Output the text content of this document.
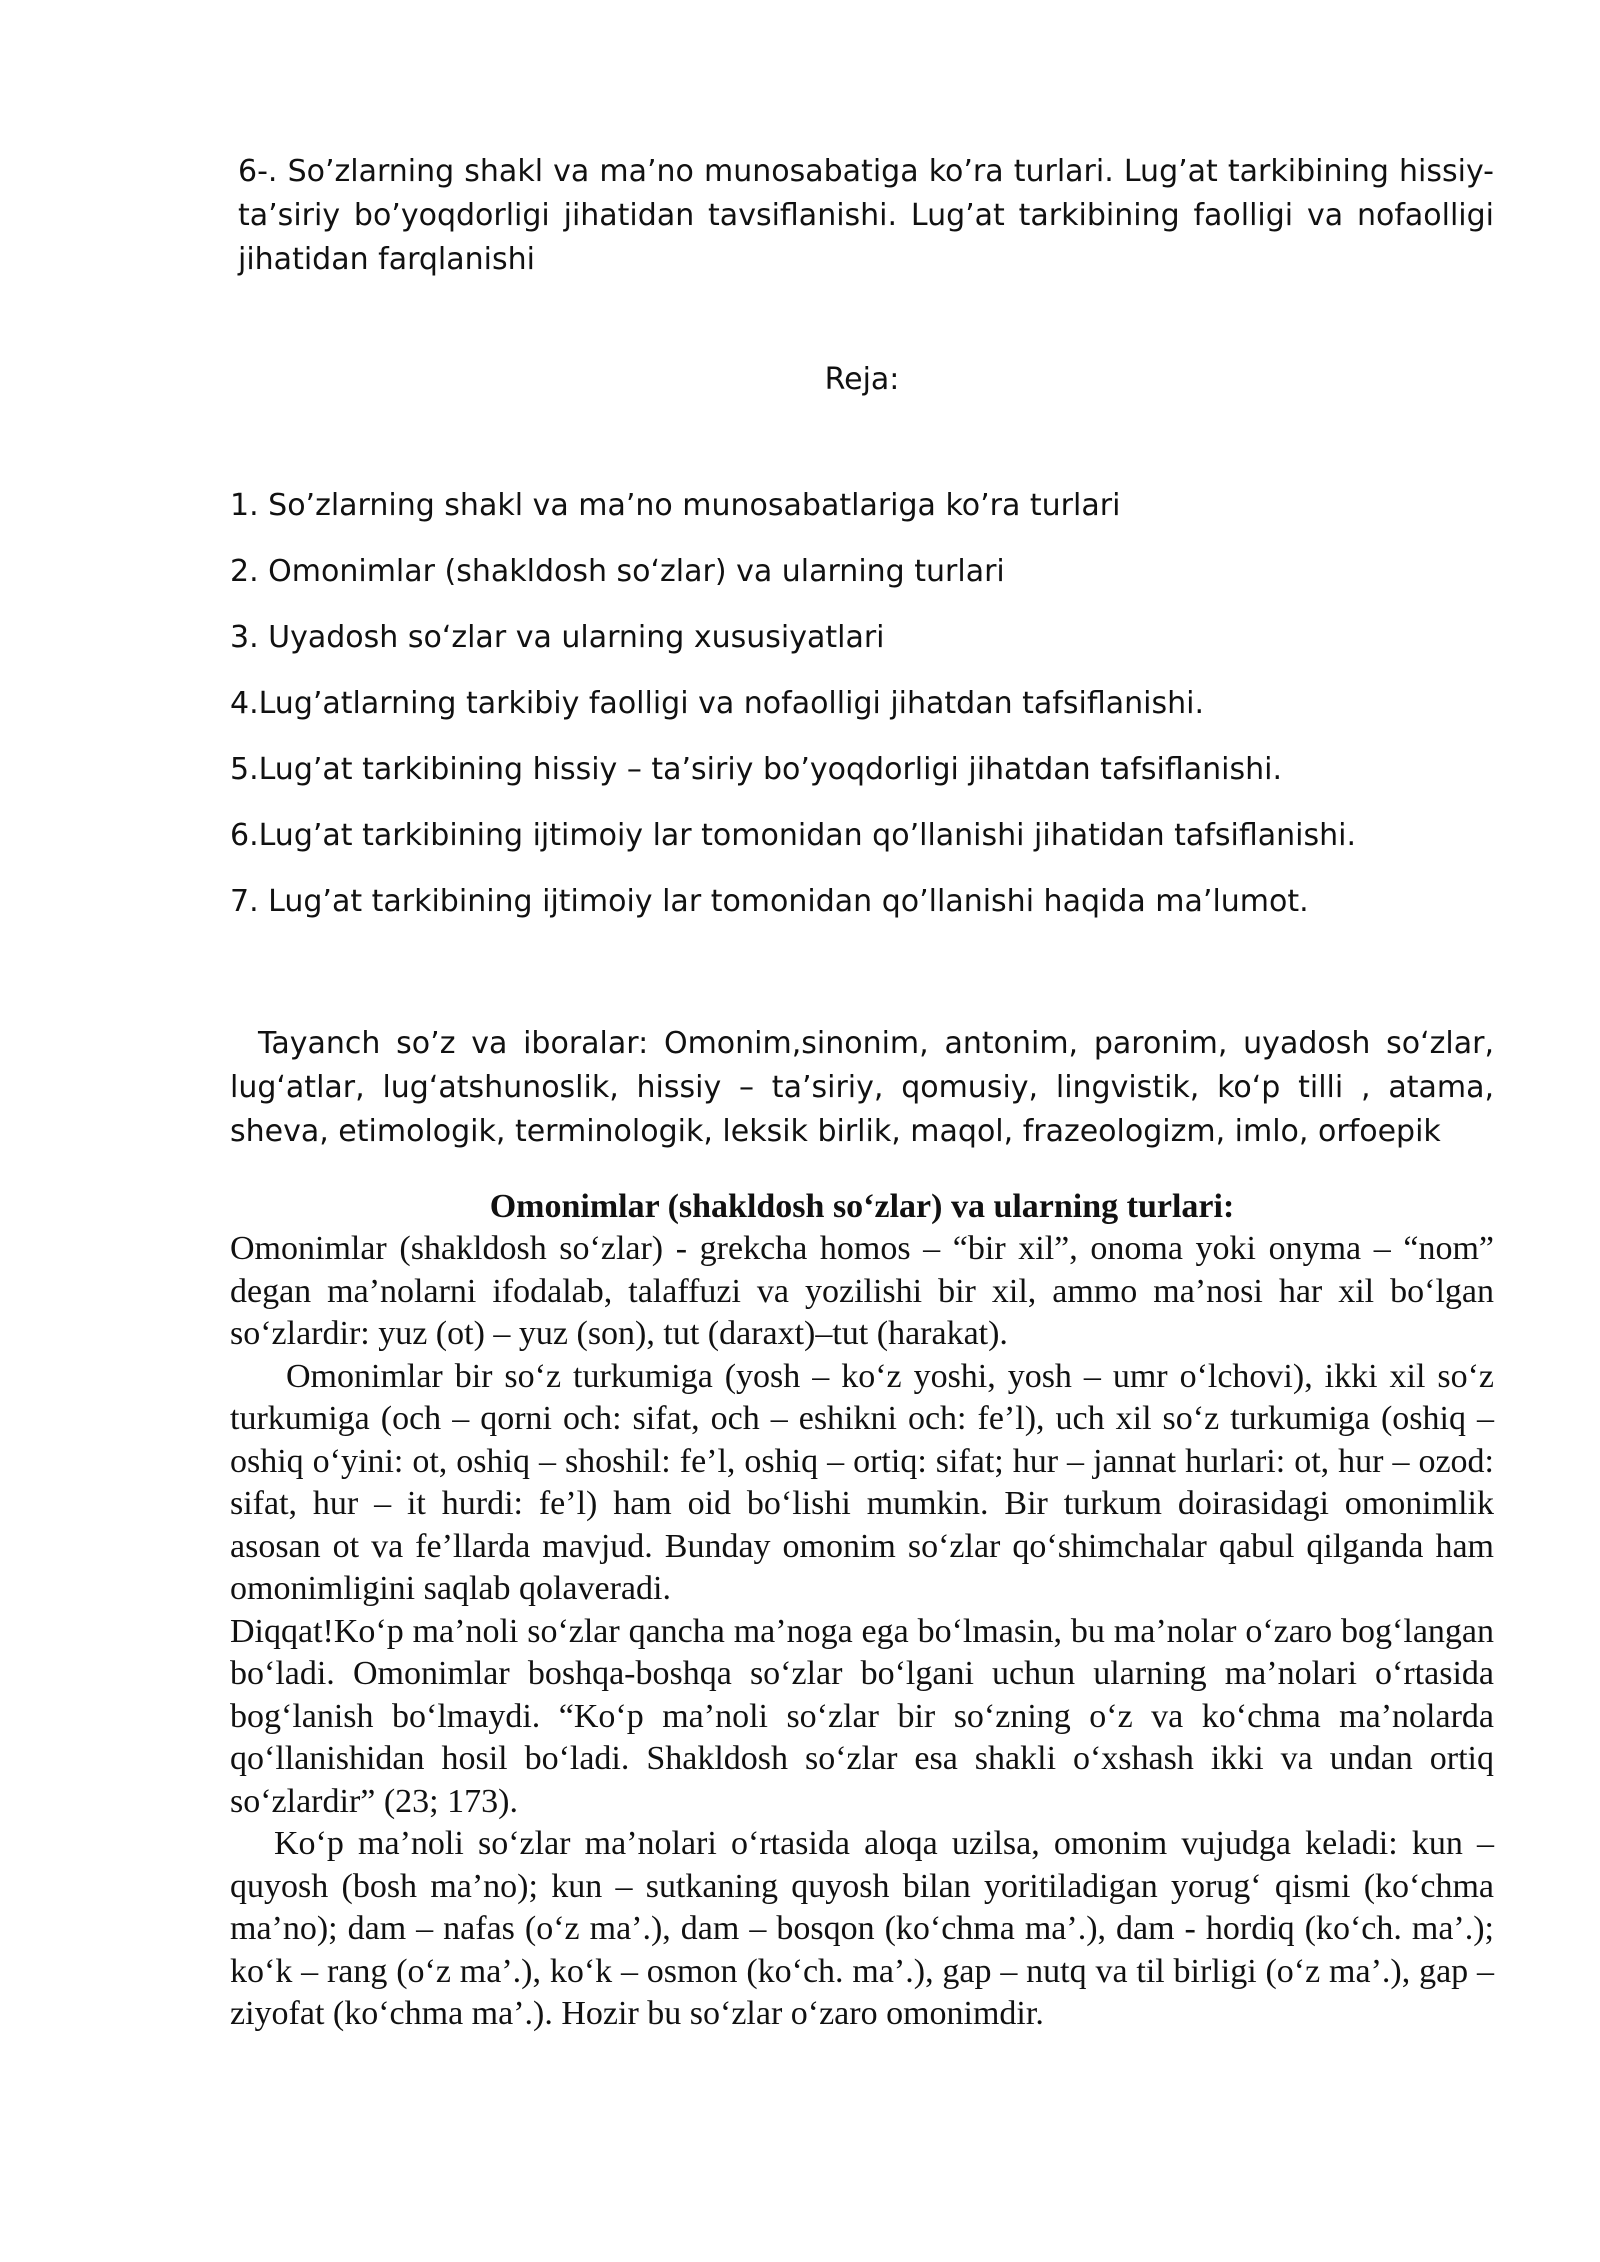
6-. So’zlarning shakl va ma’no munosabatiga ko’ra turlari. Lug’at tarkibining hissiy-ta’siriy bo’yoqdorligi jihatidan tavsiflanishi. Lug’at tarkibining faolligi va nofaolligi jihatidan farqlanishi

Reja:
1. So’zlarning shakl va ma’no munosabatlariga ko’ra turlari
2. Omonimlar (shakldosh so‘zlar) va ularning turlari
3. Uyadosh so‘zlar va ularning xususiyatlari
4.Lug’atlarning tarkibiy faolligi va nofaolligi jihatdan tafsiflanishi.
5.Lug’at tarkibining hissiy – ta’siriy bo’yoqdorligi jihatdan tafsiflanishi.
6.Lug’at tarkibining ijtimoiy lar tomonidan qo’llanishi jihatidan tafsiflanishi.
7. Lug’at tarkibining ijtimoiy lar tomonidan qo’llanishi haqida ma’lumot.

Tayanch so’z va iboralar: Omonim,sinonim, antonim, paronim, uyadosh so‘zlar, lug‘atlar, lug‘atshunoslik, hissiy – ta’siriy, qomusiy, lingvistik, ko‘p tilli , atama, sheva, etimologik, terminologik, leksik birlik, maqol, frazeologizm, imlo, orfoepik

Omonimlar (shakldosh so‘zlar) va ularning turlari:

Omonimlar (shakldosh so‘zlar) - grekcha homos – “bir xil”, onoma yoki onyma – “nom” degan ma’nolarni ifodalab, talaffuzi va yozilishi bir xil, ammo ma’nosi har xil bo‘lgan so‘zlardir: yuz (ot) – yuz (son), tut (daraxt)–tut (harakat).

Omonimlar bir so‘z turkumiga (yosh – ko‘z yoshi, yosh – umr o‘lchovi), ikki xil so‘z turkumiga (och – qorni och: sifat, och – eshikni och: fe’l), uch xil so‘z turkumiga (oshiq – oshiq o‘yini: ot, oshiq – shoshil: fe’l, oshiq – ortiq: sifat; hur – jannat hurlari: ot, hur – ozod: sifat, hur – it hurdi: fe’l) ham oid bo‘lishi mumkin. Bir turkum doirasidagi omonimlik asosan ot va fe’llarda mavjud. Bunday omonim so‘zlar qo‘shimchalar qabul qilganda ham omonimligini saqlab qolaveradi.

Diqqat!Ko‘p ma’noli so‘zlar qancha ma’noga ega bo‘lmasin, bu ma’nolar o‘zaro bog‘langan bo‘ladi. Omonimlar boshqa-boshqa so‘zlar bo‘lgani uchun ularning ma’nolari o‘rtasida bog‘lanish bo‘lmaydi. “Ko‘p ma’noli so‘zlar bir so‘zning o‘z va ko‘chma ma’nolarda qo‘llanishidan hosil bo‘ladi. Shakldosh so‘zlar esa shakli o‘xshash ikki va undan ortiq so‘zlardir” (23; 173).

Ko‘p ma’noli so‘zlar ma’nolari o‘rtasida aloqa uzilsa, omonim vujudga keladi: kun – quyosh (bosh ma’no); kun – sutkaning quyosh bilan yoritiladigan yorug‘ qismi (ko‘chma ma’no); dam – nafas (o‘z ma’.), dam – bosqon (ko‘chma ma’.), dam - hordiq (ko‘ch. ma’.); ko‘k – rang (o‘z ma’.), ko‘k – osmon (ko‘ch. ma’.), gap – nutq va til birligi (o‘z ma’.), gap – ziyofat (ko‘chma ma’.). Hozir bu so‘zlar o‘zaro omonimdir.
